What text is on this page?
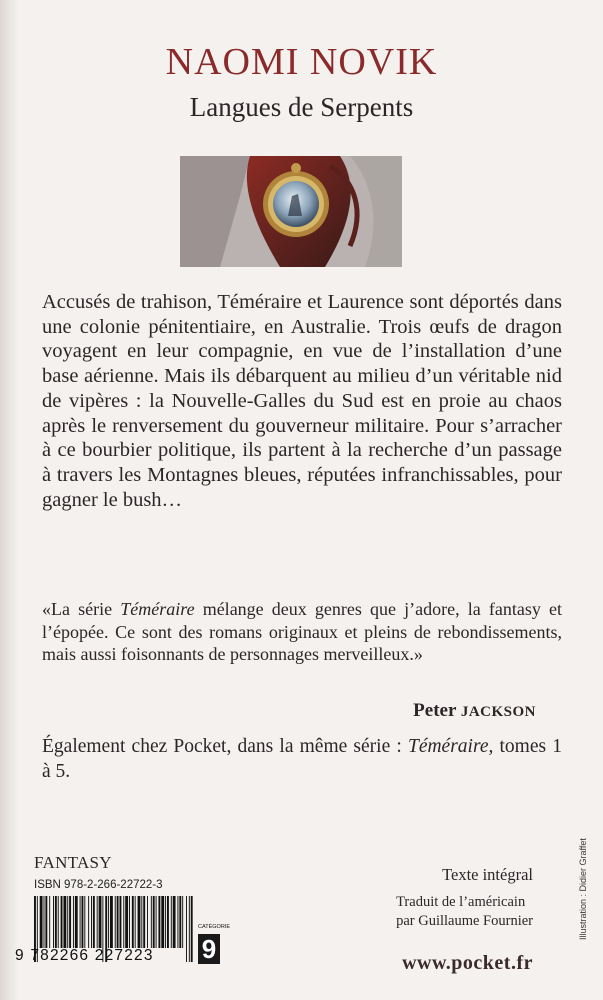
NAOMI NOVIK
Langues de Serpents
Accusés de trahison, Téméraire et Laurence sont déportés dans une colonie pénitentiaire, en Australie. Trois œufs de dragon voyagent en leur compagnie, en vue de l’installation d’une base aérienne. Mais ils débarquent au milieu d’un véritable nid de vipères : la Nouvelle-Galles du Sud est en proie au chaos après le renversement du gouverneur militaire. Pour s’arracher à ce bourbier politique, ils partent à la recherche d’un passage à travers les Montagnes bleues, réputées infranchissables, pour gagner le bush…
«La série Téméraire mélange deux genres que j’adore, la fantasy et l’épopée. Ce sont des romans originaux et pleins de rebondissements, mais aussi foisonnants de personnages merveilleux.»
Peter JACKSON
Également chez Pocket, dans la même série : Téméraire, tomes 1 à 5.
FANTASY
ISBN 978-2-266-22722-3
9 782266 227223
CATÉGORIE
9
Texte intégral
Traduit de l’américain
par Guillaume Fournier
www.pocket.fr
Illustration : Didier Graffet
